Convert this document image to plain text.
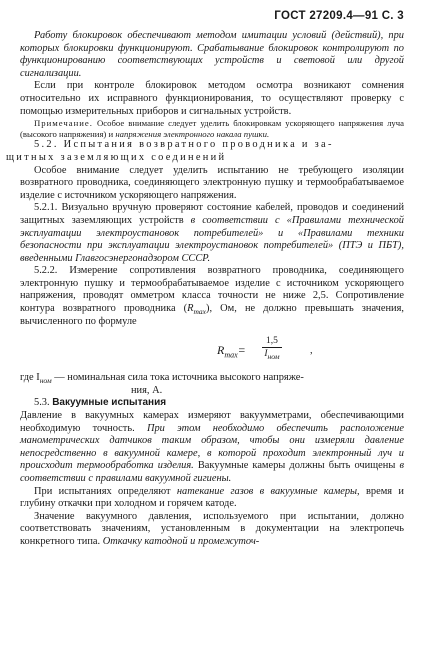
ГОСТ 27209.4—91 С. 3

Работу блокировок обеспечивают методом имитации условий (действий), при которых блокировки функционируют. Срабатывание блокировок контролируют по функционированию соответствующих устройств и световой или другой сигнализации.

Если при контроле блокировок методом осмотра возникают сомнения относительно их исправного функционирования, то осуществляют проверку с помощью измерительных приборов и сигнальных устройств.

Примечание. Особое внимание следует уделить блокировкам ускоряющего напряжения луча (высокого напряжения) и напряжения электронного накала пушки.

5.2. Испытания возвратного проводника и за-
щитных заземляющих соединений

Особое внимание следует уделить испытанию не требующего изоляции возвратного проводника, соединяющего электронную пушку и термообрабатываемое изделие с источником ускоряющего напряжения.

5.2.1. Визуально вручную проверяют состояние кабелей, проводов и соединений защитных заземляющих устройств в соответствии с «Правилами технической эксплуатации электроустановок потребителей» и «Правилами техники безопасности при эксплуатации электроустановок потребителей» (ПТЭ и ПБТ), введенными Главгосэнергонадзором СССР.

5.2.2. Измерение сопротивления возвратного проводника, соединяющего электронную пушку и термообрабатываемое изделие с источником ускоряющего напряжения, проводят омметром класса точности не ниже 2,5. Сопротивление контура возвратного проводника $(R_{max})$, Ом, не должно превышать значения, вычисленного по формуле

$R_{max}=$
1,5
$I_{ном}$
,
где $I_{ном}$ — номинальная сила тока источника высокого напряже-
ния, А.
5.3. Вакуумные испытания

Давление в вакуумных камерах измеряют вакуумметрами, обеспечивающими необходимую точность. При этом необходимо обеспечить расположение манометрических датчиков таким образом, чтобы они измеряли давление непосредственно в вакуумной камере, в которой проходит электронный луч и происходит термообработка изделия. Вакуумные камеры должны быть очищены в соответствии с правилами вакуумной гигиены.

При испытаниях определяют натекание газов в вакуумные камеры, время и глубину откачки при холодном и горячем катоде.

Значение вакуумного давления, используемого при испытании, должно соответствовать значениям, установленным в документации на электропечь конкретного типа. Откачку катодной и промежуточ-
